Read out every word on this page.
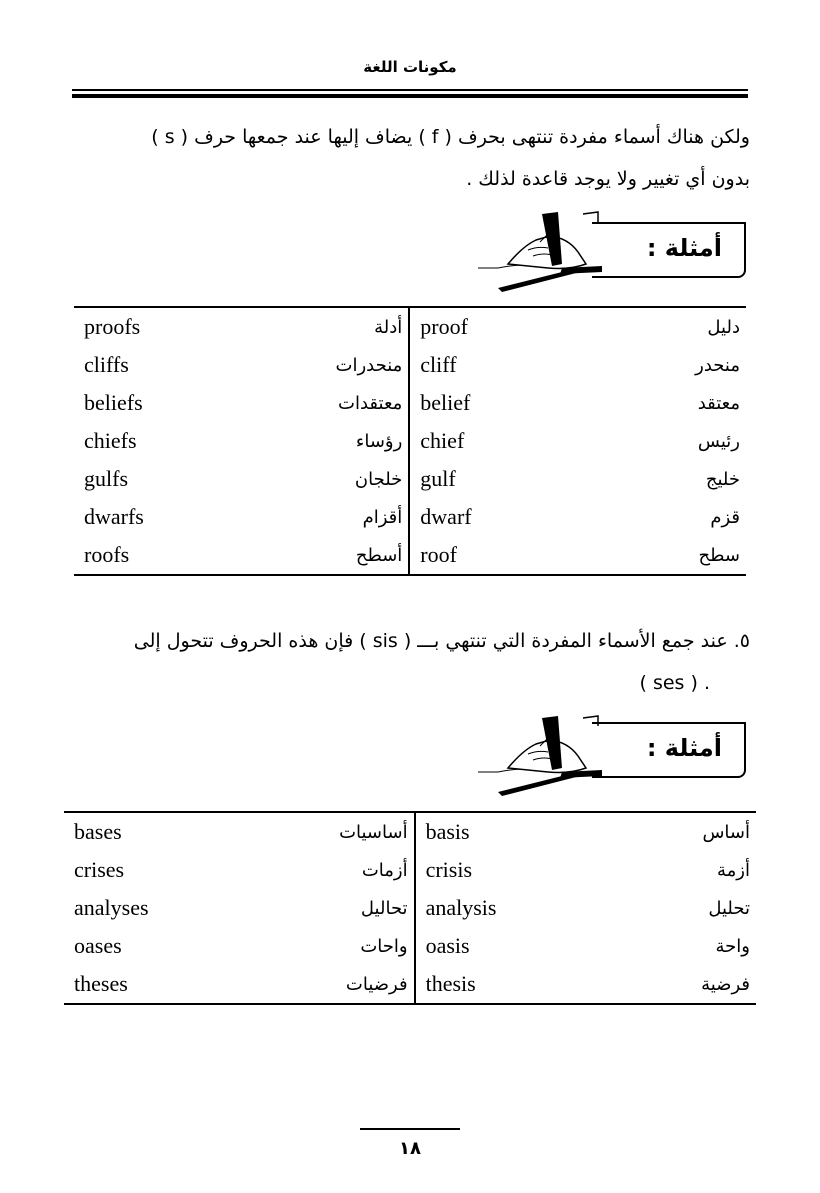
مكونات اللغة
ولكن هناك أسماء مفردة تنتهى بحرف ( f ) يضاف إليها عند جمعها حرف ( s )
بدون أي تغيير ولا يوجد قاعدة لذلك .
أمثلة :
proofs	أدلة	proof	دليل
cliffs	منحدرات	cliff	منحدر
beliefs	معتقدات	belief	معتقد
chiefs	رؤساء	chief	رئيس
gulfs	خلجان	gulf	خليج
dwarfs	أقزام	dwarf	قزم
roofs	أسطح	roof	سطح
٥. عند جمع الأسماء المفردة التي تنتهي بـــ ( sis ) فإن هذه الحروف تتحول إلى
. ( ses )
أمثلة :
bases	أساسيات	basis	أساس
crises	أزمات	crisis	أزمة
analyses	تحاليل	analysis	تحليل
oases	واحات	oasis	واحة
theses	فرضيات	thesis	فرضية
١٨
